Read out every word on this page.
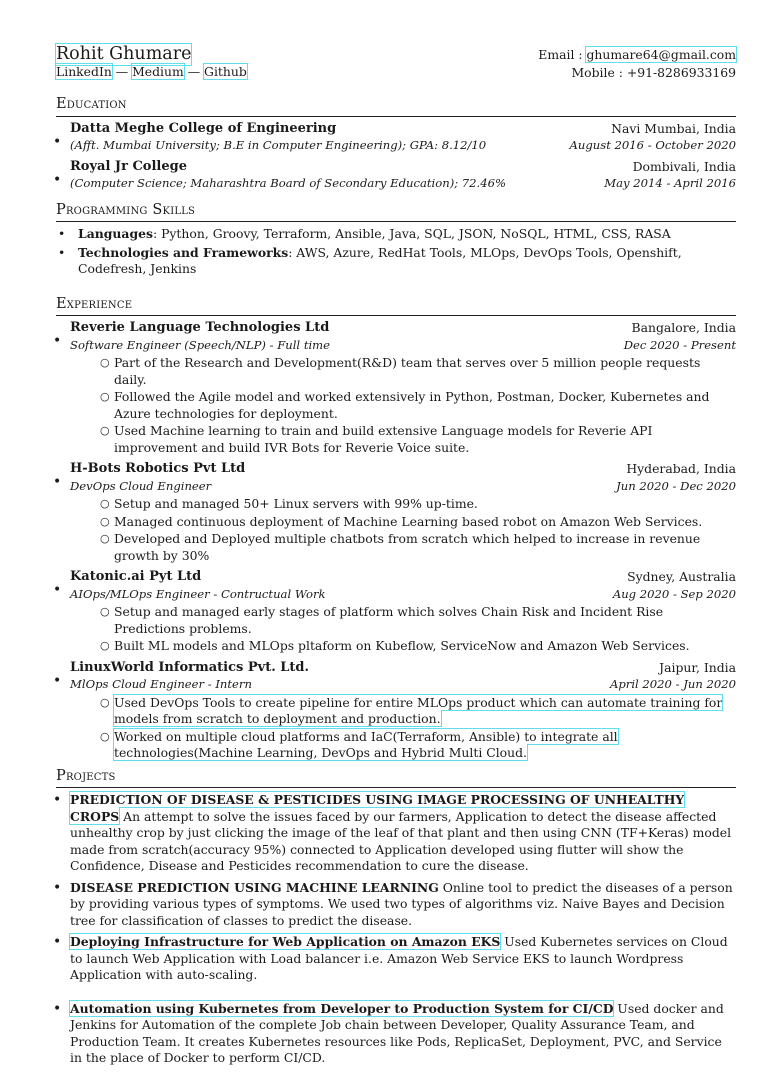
Rohit Ghumare
LinkedIn — Medium — Github
Email : ghumare64@gmail.com
Mobile : +91-8286933169
Education
•
Datta Meghe College of Engineering	Navi Mumbai, India
(Afft. Mumbai University; B.E in Computer Engineering); GPA: 8.12/10	August 2016 - October 2020
•
Royal Jr College	Dombivali, India
(Computer Science; Maharashtra Board of Secondary Education); 72.46%	May 2014 - April 2016
Programming Skills
• Languages: Python, Groovy, Terraform, Ansible, Java, SQL, JSON, NoSQL, HTML, CSS, RASA
• Technologies and Frameworks: AWS, Azure, RedHat Tools, MLOps, DevOps Tools, Openshift, Codefresh, Jenkins
Experience
•
Reverie Language Technologies Ltd	Bangalore, India
Software Engineer (Speech/NLP) - Full time	Dec 2020 - Present
○ Part of the Research and Development(R&D) team that serves over 5 million people requests daily.
○ Followed the Agile model and worked extensively in Python, Postman, Docker, Kubernetes and Azure technologies for deployment.
○ Used Machine learning to train and build extensive Language models for Reverie API improvement and build IVR Bots for Reverie Voice suite.
•
H-Bots Robotics Pvt Ltd	Hyderabad, India
DevOps Cloud Engineer	Jun 2020 - Dec 2020
○ Setup and managed 50+ Linux servers with 99% up-time.
○ Managed continuous deployment of Machine Learning based robot on Amazon Web Services.
○ Developed and Deployed multiple chatbots from scratch which helped to increase in revenue growth by 30%
•
Katonic.ai Pyt Ltd	Sydney, Australia
AIOps/MLOps Engineer - Contructual Work	Aug 2020 - Sep 2020
○ Setup and managed early stages of platform which solves Chain Risk and Incident Rise Predictions problems.
○ Built ML models and MLOps pltaform on Kubeflow, ServiceNow and Amazon Web Services.
•
LinuxWorld Informatics Pvt. Ltd.	Jaipur, India
MlOps Cloud Engineer - Intern	April 2020 - Jun 2020
○ Used DevOps Tools to create pipeline for entire MLOps product which can automate training for models from scratch to deployment and production.
○ Worked on multiple cloud platforms and IaC(Terraform, Ansible) to integrate all technologies(Machine Learning, DevOps and Hybrid Multi Cloud.
Projects
• PREDICTION OF DISEASE & PESTICIDES USING IMAGE PROCESSING OF UNHEALTHY CROPS An attempt to solve the issues faced by our farmers, Application to detect the disease affected unhealthy crop by just clicking the image of the leaf of that plant and then using CNN (TF+Keras) model made from scratch(accuracy 95%) connected to Application developed using flutter will show the Confidence, Disease and Pesticides recommendation to cure the disease.
• DISEASE PREDICTION USING MACHINE LEARNING Online tool to predict the diseases of a person by providing various types of symptoms. We used two types of algorithms viz. Naive Bayes and Decision tree for classification of classes to predict the disease.
• Deploying Infrastructure for Web Application on Amazon EKS Used Kubernetes services on Cloud to launch Web Application with Load balancer i.e. Amazon Web Service EKS to launch Wordpress Application with auto-scaling.
• Automation using Kubernetes from Developer to Production System for CI/CD Used docker and Jenkins for Automation of the complete Job chain between Developer, Quality Assurance Team, and Production Team. It creates Kubernetes resources like Pods, ReplicaSet, Deployment, PVC, and Service in the place of Docker to perform CI/CD.
